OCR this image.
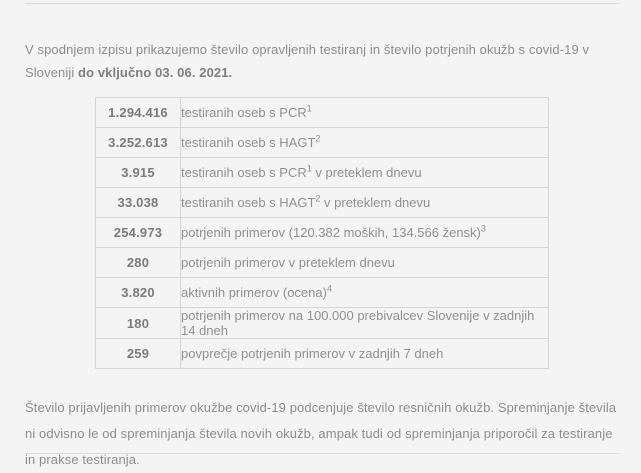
V spodnjem izpisu prikazujemo število opravljenih testiranj in število potrjenih okužb s covid-19 v Sloveniji do vključno 03. 06. 2021.

1.294.416	testiranih oseb s PCR$^1$
3.252.613	testiranih oseb s HAGT$^2$
3.915	testiranih oseb s PCR$^1$ v preteklem dnevu
33.038	testiranih oseb s HAGT$^2$ v preteklem dnevu
254.973	potrjenih primerov (120.382 moških, 134.566 žensk)$^3$
280	potrjenih primerov v preteklem dnevu
3.820	aktivnih primerov (ocena)$^4$
180	potrjenih primerov na 100.000 prebivalcev Slovenije v zadnjih 14 dneh
259	povprečje potrjenih primerov v zadnjih 7 dneh

Število prijavljenih primerov okužbe covid-19 podcenjuje število resničnih okužb. Spreminjanje števila ni odvisno le od spreminjanja števila novih okužb, ampak tudi od spreminjanja priporočil za testiranje in prakse testiranja.
